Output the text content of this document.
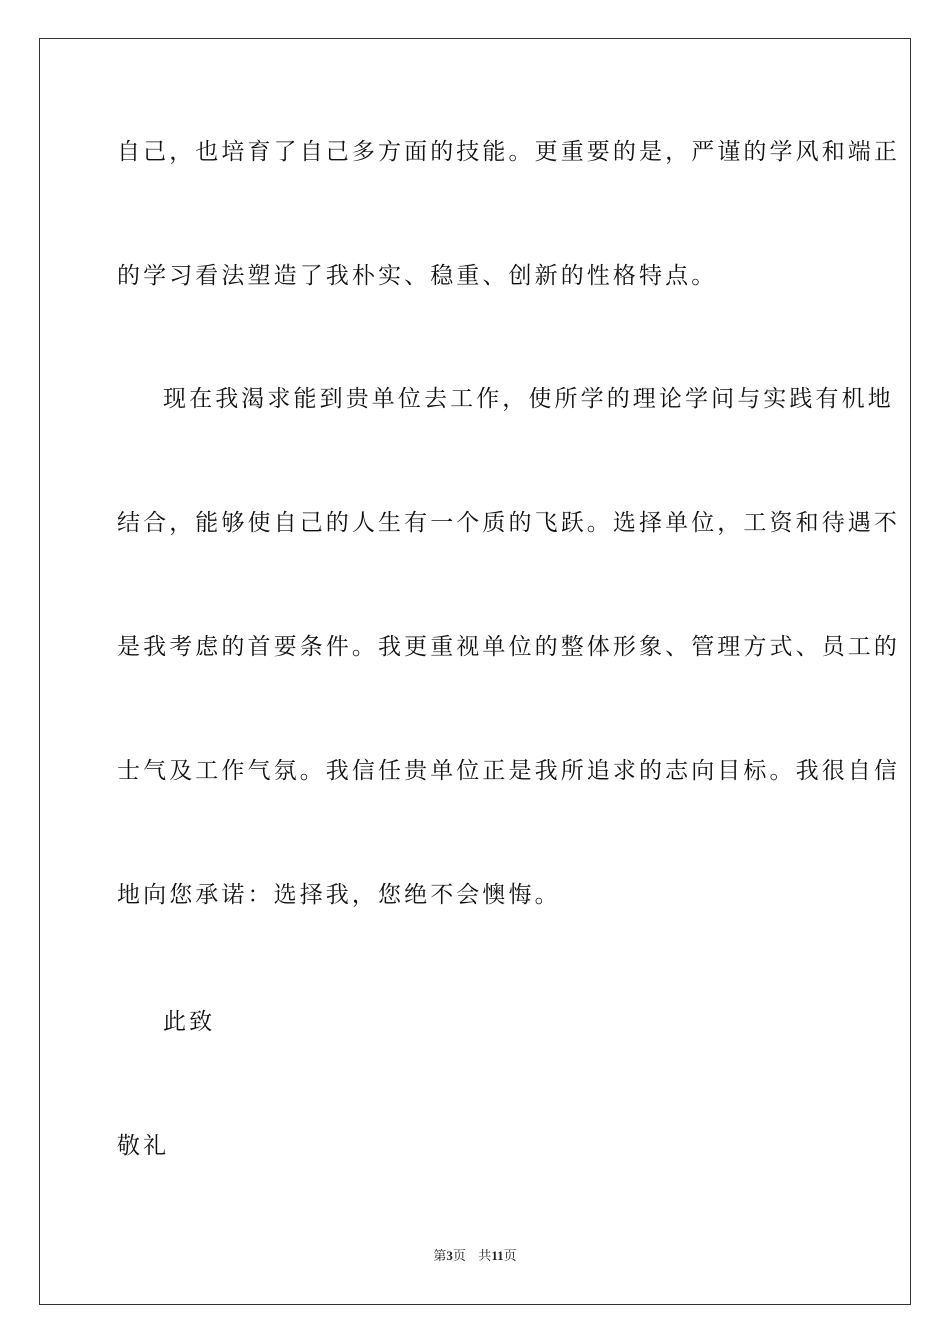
自己，也培育了自己多方面的技能。更重要的是，严谨的学风和端正

的学习看法塑造了我朴实、稳重、创新的性格特点。

现在我渴求能到贵单位去工作，使所学的理论学问与实践有机地

结合，能够使自己的人生有一个质的飞跃。选择单位，工资和待遇不

是我考虑的首要条件。我更重视单位的整体形象、管理方式、员工的

士气及工作气氛。我信任贵单位正是我所追求的志向目标。我很自信

地向您承诺：选择我，您绝不会懊悔。

此致

敬礼

第3页 共11页
